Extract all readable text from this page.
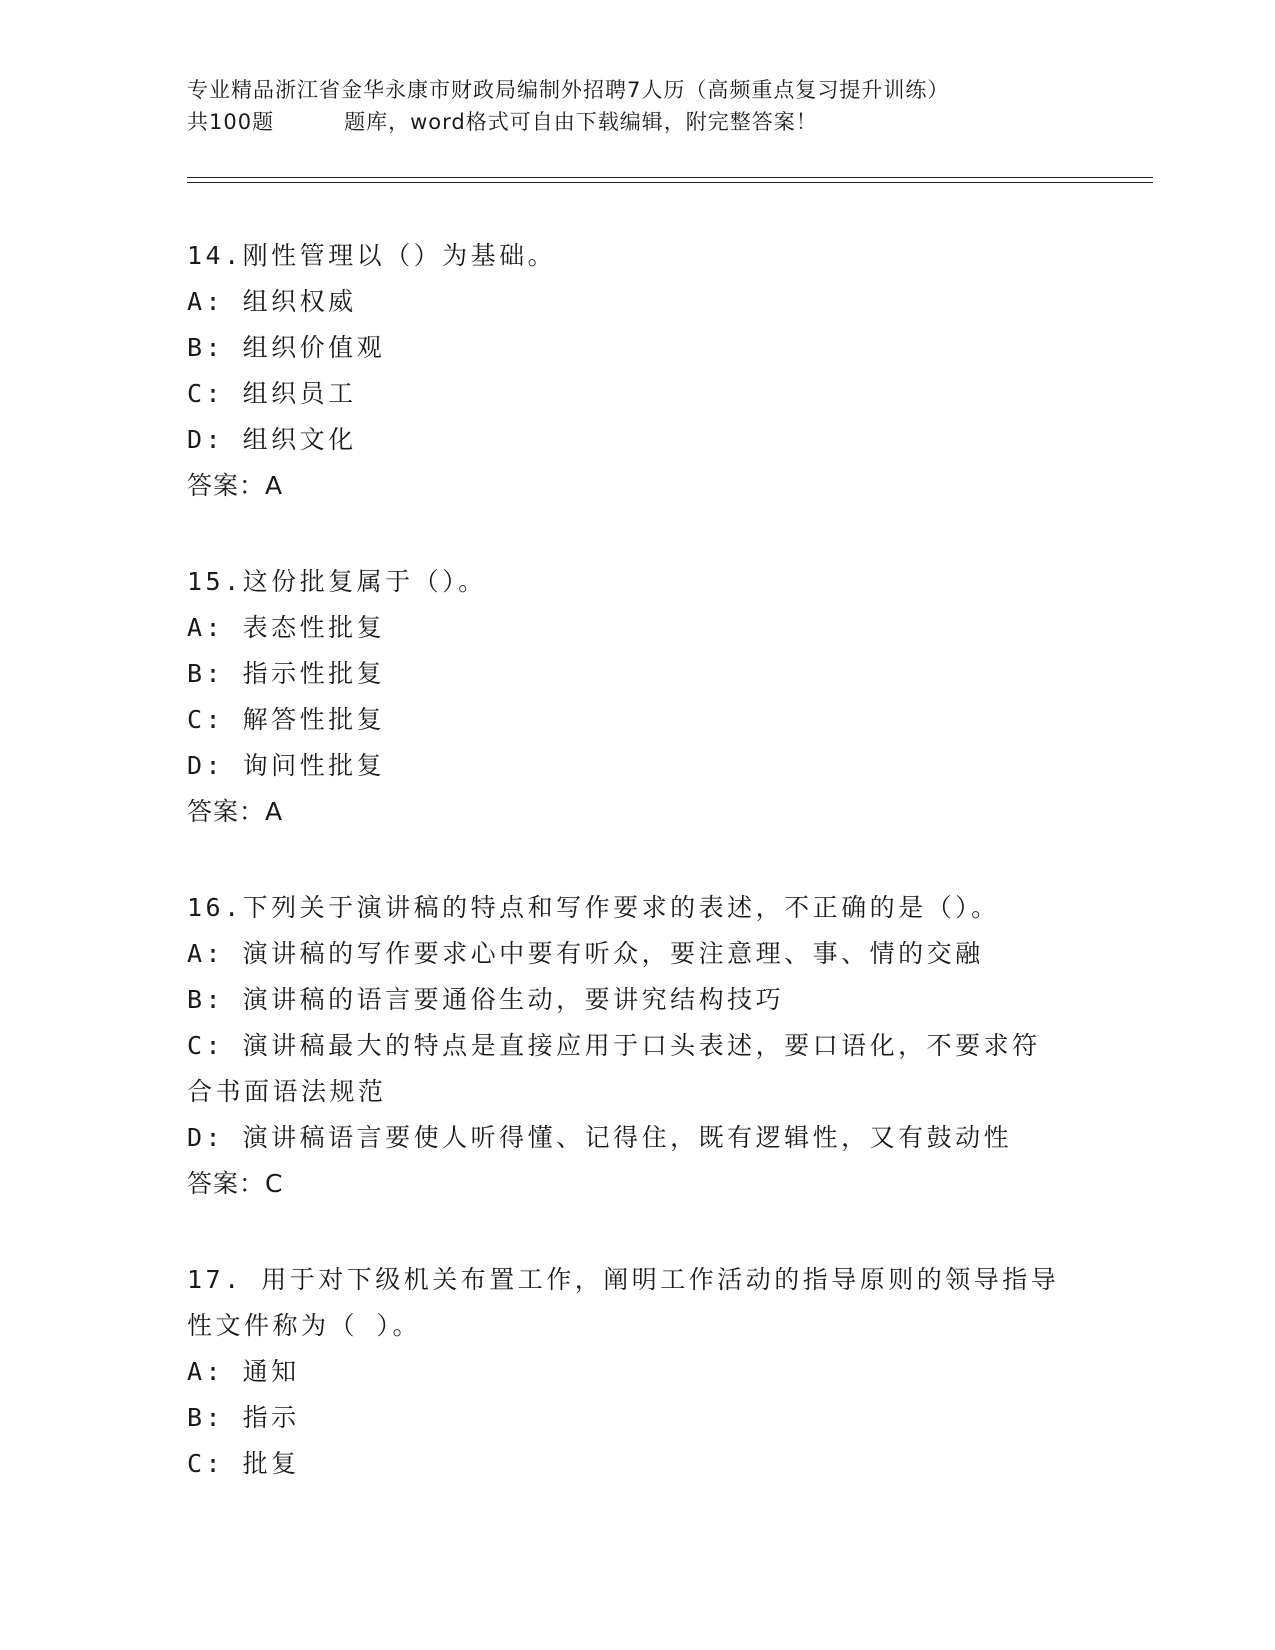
专业精品浙江省金华永康市财政局编制外招聘7人历（高频重点复习提升训练）
共100题	题库，word格式可自由下载编辑，附完整答案！
14.刚性管理以（）为基础。
A: 组织权威
B: 组织价值观
C: 组织员工
D: 组织文化
答案：A
15.这份批复属于（）。
A: 表态性批复
B: 指示性批复
C: 解答性批复
D: 询问性批复
答案：A
16.下列关于演讲稿的特点和写作要求的表述，不正确的是（）。
A: 演讲稿的写作要求心中要有听众，要注意理、事、情的交融
B: 演讲稿的语言要通俗生动，要讲究结构技巧
C: 演讲稿最大的特点是直接应用于口头表述，要口语化，不要求符合书面语法规范
D: 演讲稿语言要使人听得懂、记得住，既有逻辑性，又有鼓动性
答案：C
17. 用于对下级机关布置工作，阐明工作活动的指导原则的领导指导性文件称为（ ）。
A: 通知
B: 指示
C: 批复
